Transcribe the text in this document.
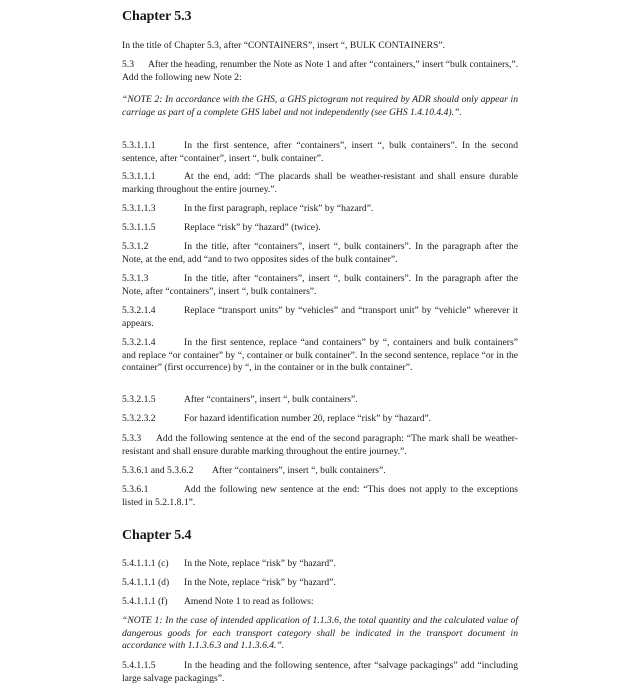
Chapter 5.3

In the title of Chapter 5.3, after “CONTAINERS”, insert “, BULK CONTAINERS”.

5.3 After the heading, renumber the Note as Note 1 and after “containers,” insert “bulk containers,”. Add the following new Note 2:

“NOTE 2: In accordance with the GHS, a GHS pictogram not required by ADR should only appear in carriage as part of a complete GHS label and not independently (see GHS 1.4.10.4.4).”.

5.3.1.1.1	In the first sentence, after “containers”, insert “, bulk containers”. In the second sentence, after “container”, insert “, bulk container”.

5.3.1.1.1	At the end, add: “The placards shall be weather-resistant and shall ensure durable marking throughout the entire journey.”.

5.3.1.1.3	In the first paragraph, replace “risk” by “hazard”.

5.3.1.1.5	Replace “risk” by “hazard” (twice).

5.3.1.2	In the title, after “containers”, insert “, bulk containers”. In the paragraph after the Note, at the end, add “and to two opposites sides of the bulk container”.

5.3.1.3	In the title, after “containers”, insert “, bulk containers”. In the paragraph after the Note, after “containers”, insert “, bulk containers”.

5.3.2.1.4	Replace “transport units” by “vehicles” and “transport unit” by “vehicle” wherever it appears.

5.3.2.1.4	In the first sentence, replace “and containers” by “, containers and bulk containers” and replace “or container” by “, container or bulk container”. In the second sentence, replace “or in the container” (first occurrence) by “, in the container or in the bulk container”.

5.3.2.1.5	After “containers”, insert “, bulk containers”.

5.3.2.3.2	For hazard identification number 20, replace “risk” by “hazard”.

5.3.3 Add the following sentence at the end of the second paragraph: “The mark shall be weather-resistant and shall ensure durable marking throughout the entire journey.”.

5.3.6.1 and 5.3.6.2 After “containers”, insert “, bulk containers”.

5.3.6.1	Add the following new sentence at the end: “This does not apply to the exceptions listed in 5.2.1.8.1”.

Chapter 5.4

5.4.1.1.1 (c) In the Note, replace “risk” by “hazard”.

5.4.1.1.1 (d) In the Note, replace “risk” by “hazard”.

5.4.1.1.1 (f) Amend Note 1 to read as follows:

“NOTE 1: In the case of intended application of 1.1.3.6, the total quantity and the calculated value of dangerous goods for each transport category shall be indicated in the transport document in accordance with 1.1.3.6.3 and 1.1.3.6.4.”.

5.4.1.1.5	In the heading and the following sentence, after “salvage packagings” add “including large salvage packagings”.
